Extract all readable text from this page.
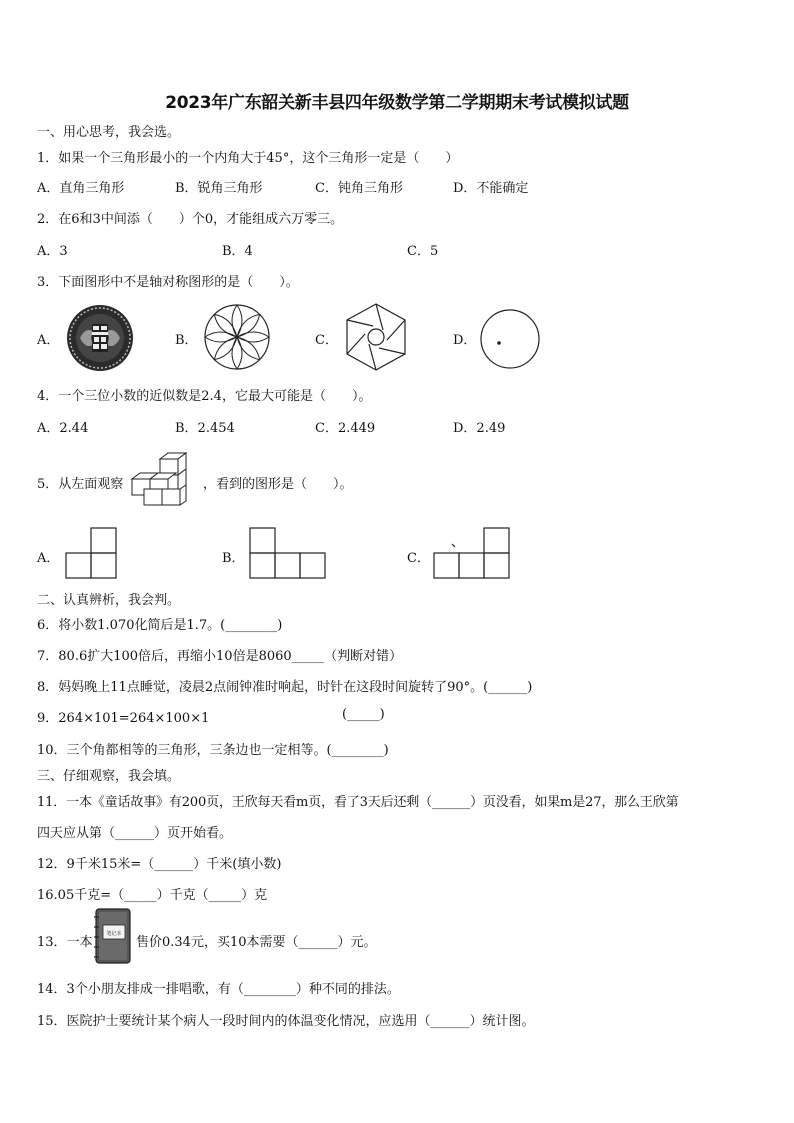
2023年广东韶关新丰县四年级数学第二学期期末考试模拟试题
一、用心思考，我会选。
1．如果一个三角形最小的一个内角大于45°，这个三角形一定是（　　）
A．直角三角形	B．锐角三角形	C．钝角三角形	D．不能确定
2．在6和3中间添（　　）个0，才能组成六万零三。
A．3	B．4	C．5
3．下面图形中不是轴对称图形的是（　　）。
A．	B．	C．	D．
4．一个三位小数的近似数是2.4，它最大可能是（　　）。
A．2.44	B．2.454	C．2.449	D．2.49
5．从左面观察	，看到的图形是（　　）。
A．	B．	C．
二、认真辨析，我会判。
6．将小数1.070化简后是1.7。(________)
7．80.6扩大100倍后，再缩小10倍是8060_____（判断对错）
8．妈妈晚上11点睡觉，凌晨2点闹钟准时响起，时针在这段时间旋转了90°。(______)
9．264×101=264×100×1	(_____)
10．三个角都相等的三角形，三条边也一定相等。(________)
三、仔细观察，我会填。
11．一本《童话故事》有200页，王欣每天看m页，看了3天后还剩（______）页没看，如果m是27，那么王欣第
四天应从第（______）页开始看。
12．9千米15米=（______）千米(填小数)
16.05千克=（_____）千克（_____）克
13．一本
笔记本
售价0.34元，买10本需要（______）元。
14．3个小朋友排成一排唱歌，有（________）种不同的排法。
15．医院护士要统计某个病人一段时间内的体温变化情况，应选用（______）统计图。
